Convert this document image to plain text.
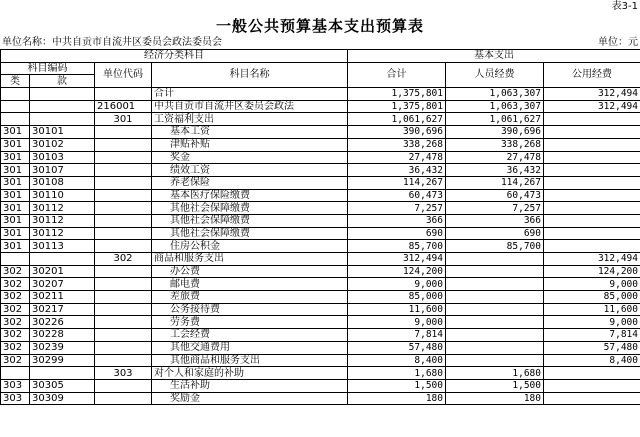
表3-1
一般公共预算基本支出预算表
单位名称：中共自贡市自流井区委员会政法委员会	单位：元
经济分类科目				基本支出		
科目编码		单位代码	科目名称	合计	人员经费	公用经费
类	款					
			合计	1,375,801	1,063,307	312,494
		216001	中共自贡市自流井区委员会政法	1,375,801	1,063,307	312,494
		301	工资福利支出	1,061,627	1,061,627	
301	30101		基本工资	390,696	390,696	
301	30102		津贴补贴	338,268	338,268	
301	30103		奖金	27,478	27,478	
301	30107		绩效工资	36,432	36,432	
301	30108		养老保险	114,267	114,267	
301	30110		基本医疗保险缴费	60,473	60,473	
301	30112		其他社会保障缴费	7,257	7,257	
301	30112		其他社会保障缴费	366	366	
301	30112		其他社会保障缴费	690	690	
301	30113		住房公积金	85,700	85,700	
		302	商品和服务支出	312,494		312,494
302	30201		办公费	124,200		124,200
302	30207		邮电费	9,000		9,000
302	30211		差旅费	85,000		85,000
302	30217		公务接待费	11,600		11,600
302	30226		劳务费	9,000		9,000
302	30228		工会经费	7,814		7,814
302	30239		其他交通费用	57,480		57,480
302	30299		其他商品和服务支出	8,400		8,400
		303	对个人和家庭的补助	1,680	1,680	
303	30305		生活补助	1,500	1,500	
303	30309		奖励金	180	180	
